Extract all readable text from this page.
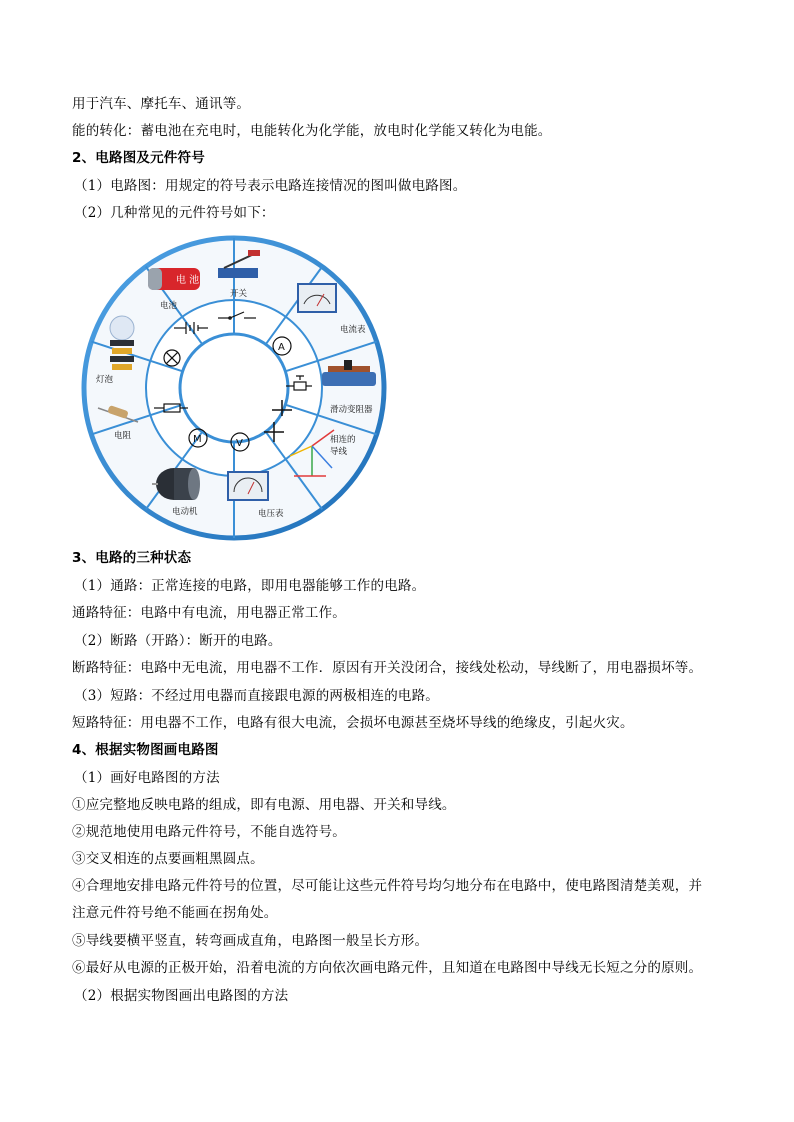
用于汽车、摩托车、通讯等。
能的转化：蓄电池在充电时，电能转化为化学能，放电时化学能又转化为电能。
2、电路图及元件符号
（1）电路图：用规定的符号表示电路连接情况的图叫做电路图。
（2）几种常见的元件符号如下：
电 池
电池
开关
电流表
滑动变阻器
相连的
导线
电压表
电动机
电阻
灯泡
A
V
M
3、电路的三种状态
（1）通路：正常连接的电路，即用电器能够工作的电路。
通路特征：电路中有电流，用电器正常工作。
（2）断路（开路）：断开的电路。
断路特征：电路中无电流，用电器不工作．原因有开关没闭合，接线处松动，导线断了，用电器损坏等。
（3）短路：不经过用电器而直接跟电源的两极相连的电路。
短路特征：用电器不工作，电路有很大电流，会损坏电源甚至烧坏导线的绝缘皮，引起火灾。
4、根据实物图画电路图
（1）画好电路图的方法
①应完整地反映电路的组成，即有电源、用电器、开关和导线。
②规范地使用电路元件符号，不能自选符号。
③交叉相连的点要画粗黑圆点。
④合理地安排电路元件符号的位置，尽可能让这些元件符号均匀地分布在电路中，使电路图清楚美观，并
注意元件符号绝不能画在拐角处。
⑤导线要横平竖直，转弯画成直角，电路图一般呈长方形。
⑥最好从电源的正极开始，沿着电流的方向依次画电路元件，且知道在电路图中导线无长短之分的原则。
（2）根据实物图画出电路图的方法
